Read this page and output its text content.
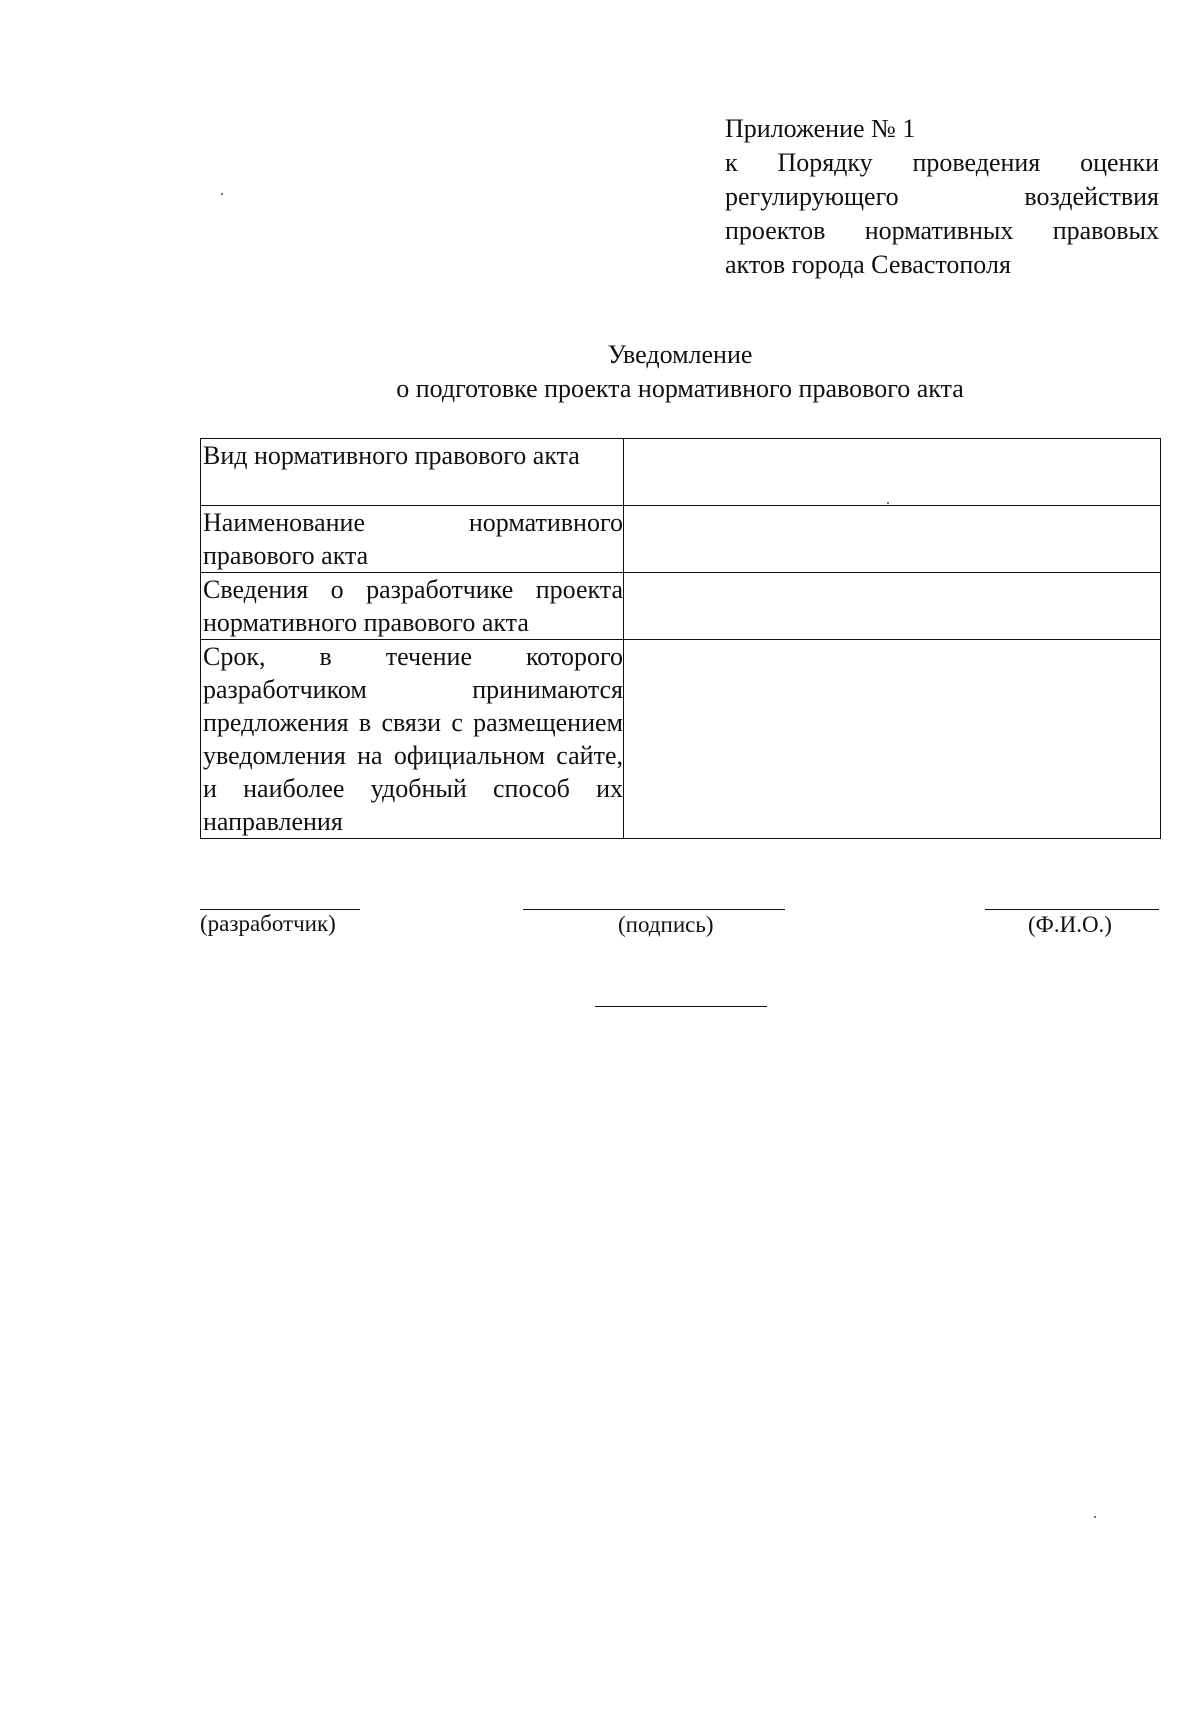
Приложение № 1
к Порядку проведения оценки
регулирующего воздействия
проектов нормативных правовых
актов города Севастополя
Уведомление
о подготовке проекта нормативного правового акта
Вид нормативного правового акта	

Наименование нормативного правового акта	

Сведения о разработчике проекта нормативного правового акта	

Срок, в течение которого разработчиком принимаются предложения в связи с размещением уведомления на официальном сайте, и наиболее удобный способ их направления	

(разработчик)	(подпись)	(Ф.И.О.)
